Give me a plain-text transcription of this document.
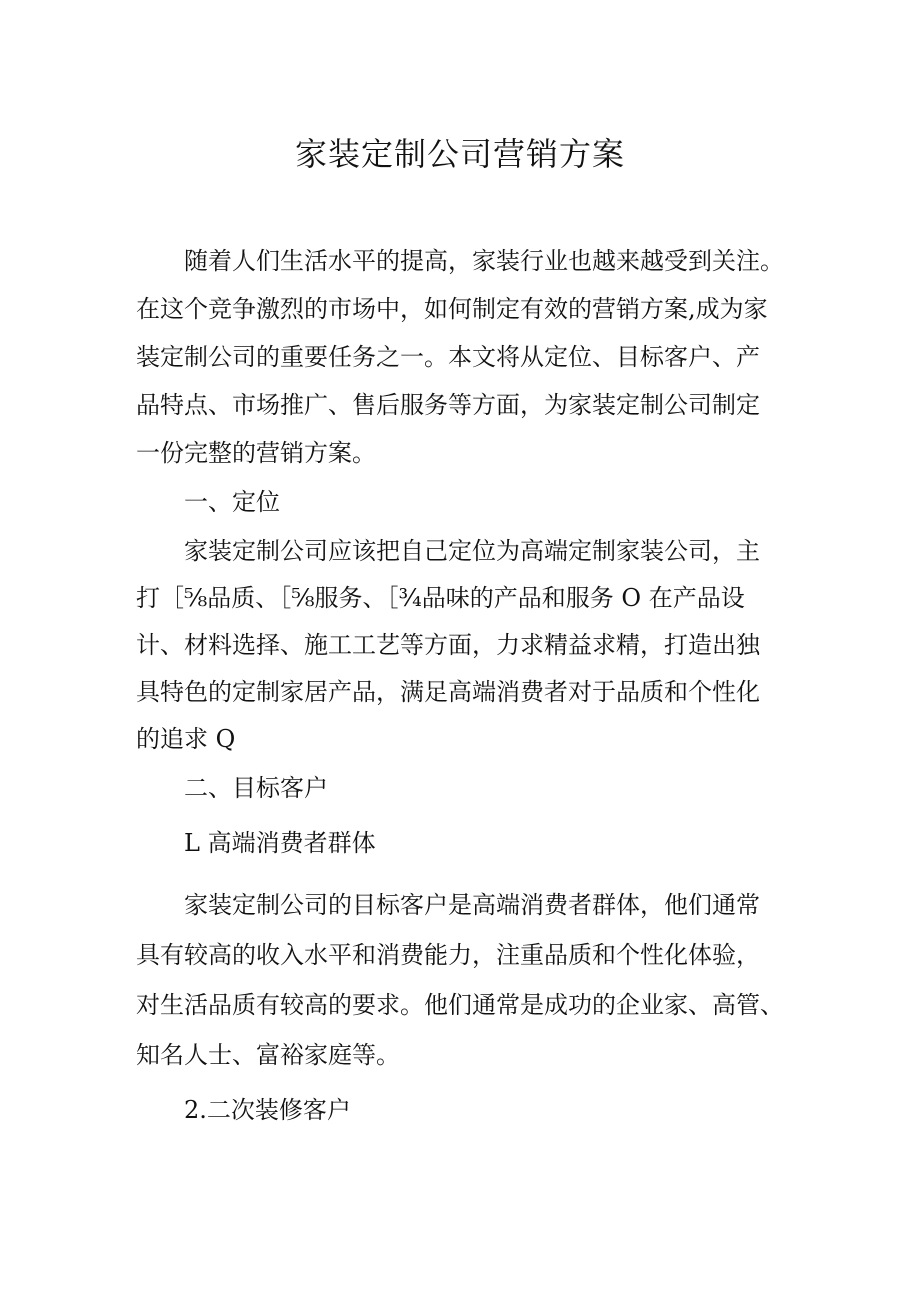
家装定制公司营销方案
随着人们生活水平的提高，家装行业也越来越受到关注。
在这个竞争激烈的市场中，如何制定有效的营销方案,成为家
装定制公司的重要任务之一。本文将从定位、目标客户、产
品特点、市场推广、售后服务等方面，为家装定制公司制定
一份完整的营销方案。
一、定位
家装定制公司应该把自己定位为高端定制家装公司，主
打［⅝品质、［⅝服务、［¾品味的产品和服务 O 在产品设
计、材料选择、施工工艺等方面，力求精益求精，打造出独
具特色的定制家居产品，满足高端消费者对于品质和个性化
的追求 Q
二、目标客户
L 高端消费者群体
家装定制公司的目标客户是高端消费者群体，他们通常
具有较高的收入水平和消费能力，注重品质和个性化体验，
对生活品质有较高的要求。他们通常是成功的企业家、高管、
知名人士、富裕家庭等。
2.二次装修客户
